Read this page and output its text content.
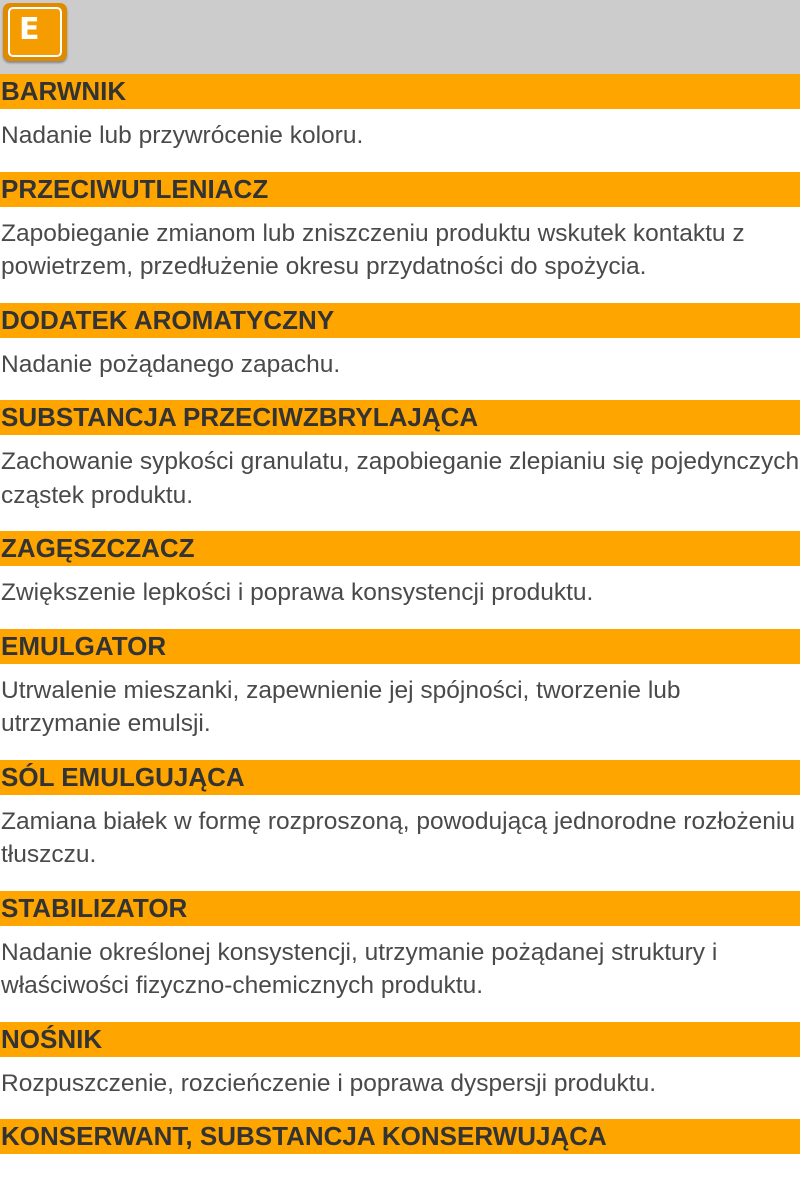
E
BARWNIK
Nadanie lub przywrócenie koloru.
PRZECIWUTLENIACZ
Zapobieganie zmianom lub zniszczeniu produktu wskutek kontaktu z powietrzem, przedłużenie okresu przydatności do spożycia.
DODATEK AROMATYCZNY
Nadanie pożądanego zapachu.
SUBSTANCJA PRZECIWZBRYLAJĄCA
Zachowanie sypkości granulatu, zapobieganie zlepianiu się pojedynczych cząstek produktu.
ZAGĘSZCZACZ
Zwiększenie lepkości i poprawa konsystencji produktu.
EMULGATOR
Utrwalenie mieszanki, zapewnienie jej spójności, tworzenie lub utrzymanie emulsji.
SÓL EMULGUJĄCA
Zamiana białek w formę rozproszoną, powodującą jednorodne rozłożeniu tłuszczu.
STABILIZATOR
Nadanie określonej konsystencji, utrzymanie pożądanej struktury i właściwości fizyczno-chemicznych produktu.
NOŚNIK
Rozpuszczenie, rozcieńczenie i poprawa dyspersji produktu.
KONSERWANT, SUBSTANCJA KONSERWUJĄCA
